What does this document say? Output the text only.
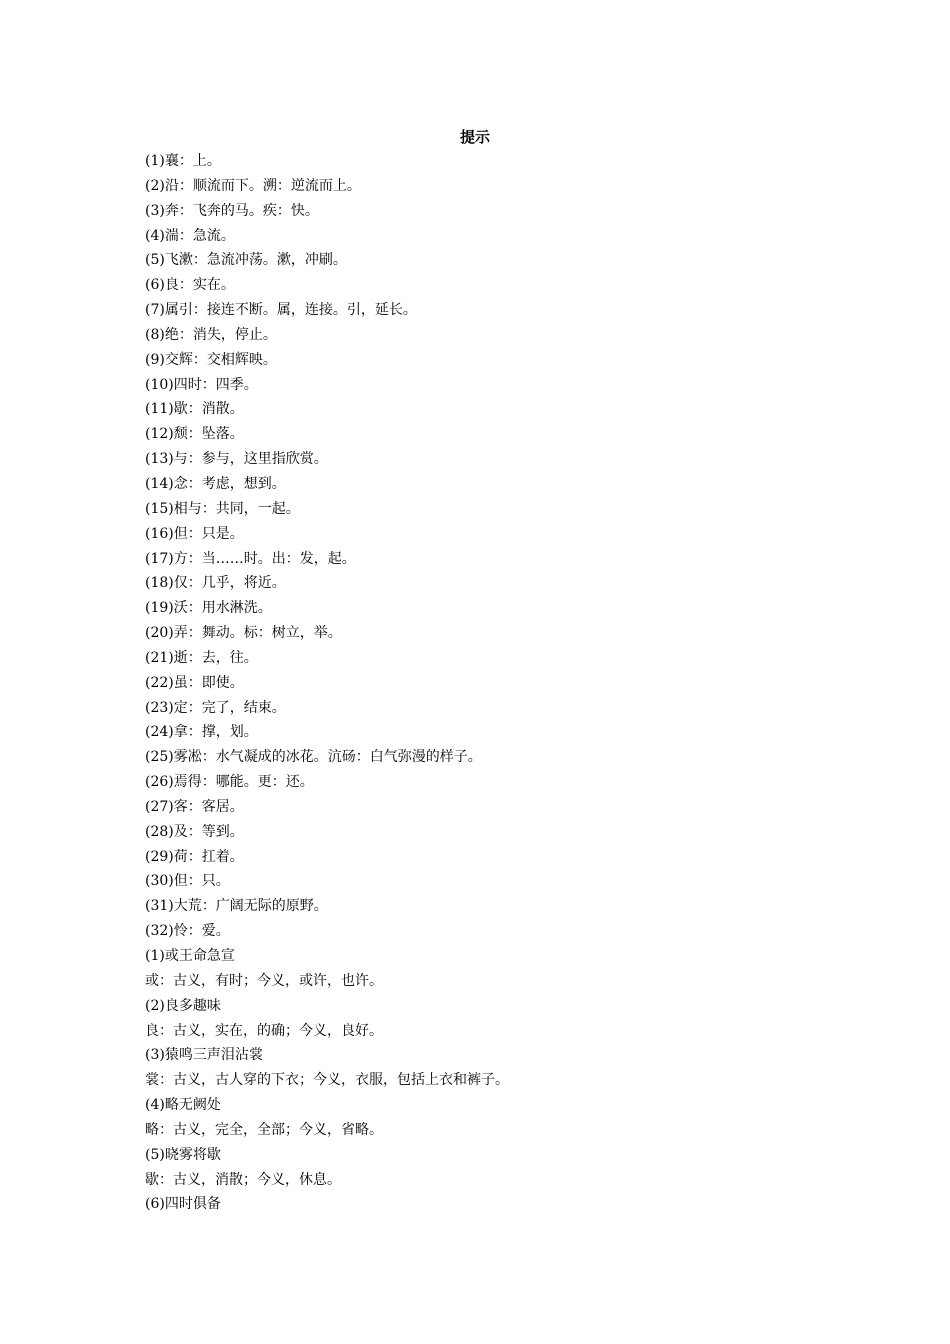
提示
(1)襄：上。
(2)沿：顺流而下。溯：逆流而上。
(3)奔：飞奔的马。疾：快。
(4)湍：急流。
(5)飞漱：急流冲荡。漱，冲刷。
(6)良：实在。
(7)属引：接连不断。属，连接。引，延长。
(8)绝：消失，停止。
(9)交辉：交相辉映。
(10)四时：四季。
(11)歇：消散。
(12)颓：坠落。
(13)与：参与，这里指欣赏。
(14)念：考虑，想到。
(15)相与：共同，一起。
(16)但：只是。
(17)方：当……时。出：发，起。
(18)仅：几乎，将近。
(19)沃：用水淋洗。
(20)弄：舞动。标：树立，举。
(21)逝：去，往。
(22)虽：即使。
(23)定：完了，结束。
(24)拿：撑，划。
(25)雾凇：水气凝成的冰花。沆砀：白气弥漫的样子。
(26)焉得：哪能。更：还。
(27)客：客居。
(28)及：等到。
(29)荷：扛着。
(30)但：只。
(31)大荒：广阔无际的原野。
(32)怜：爱。
(1)或王命急宣
或：古义，有时；今义，或许，也许。
(2)良多趣味
良：古义，实在，的确；今义，良好。
(3)猿鸣三声泪沾裳
裳：古义，古人穿的下衣；今义，衣服，包括上衣和裤子。
(4)略无阙处
略：古义，完全，全部；今义，省略。
(5)晓雾将歇
歇：古义，消散；今义，休息。
(6)四时俱备
